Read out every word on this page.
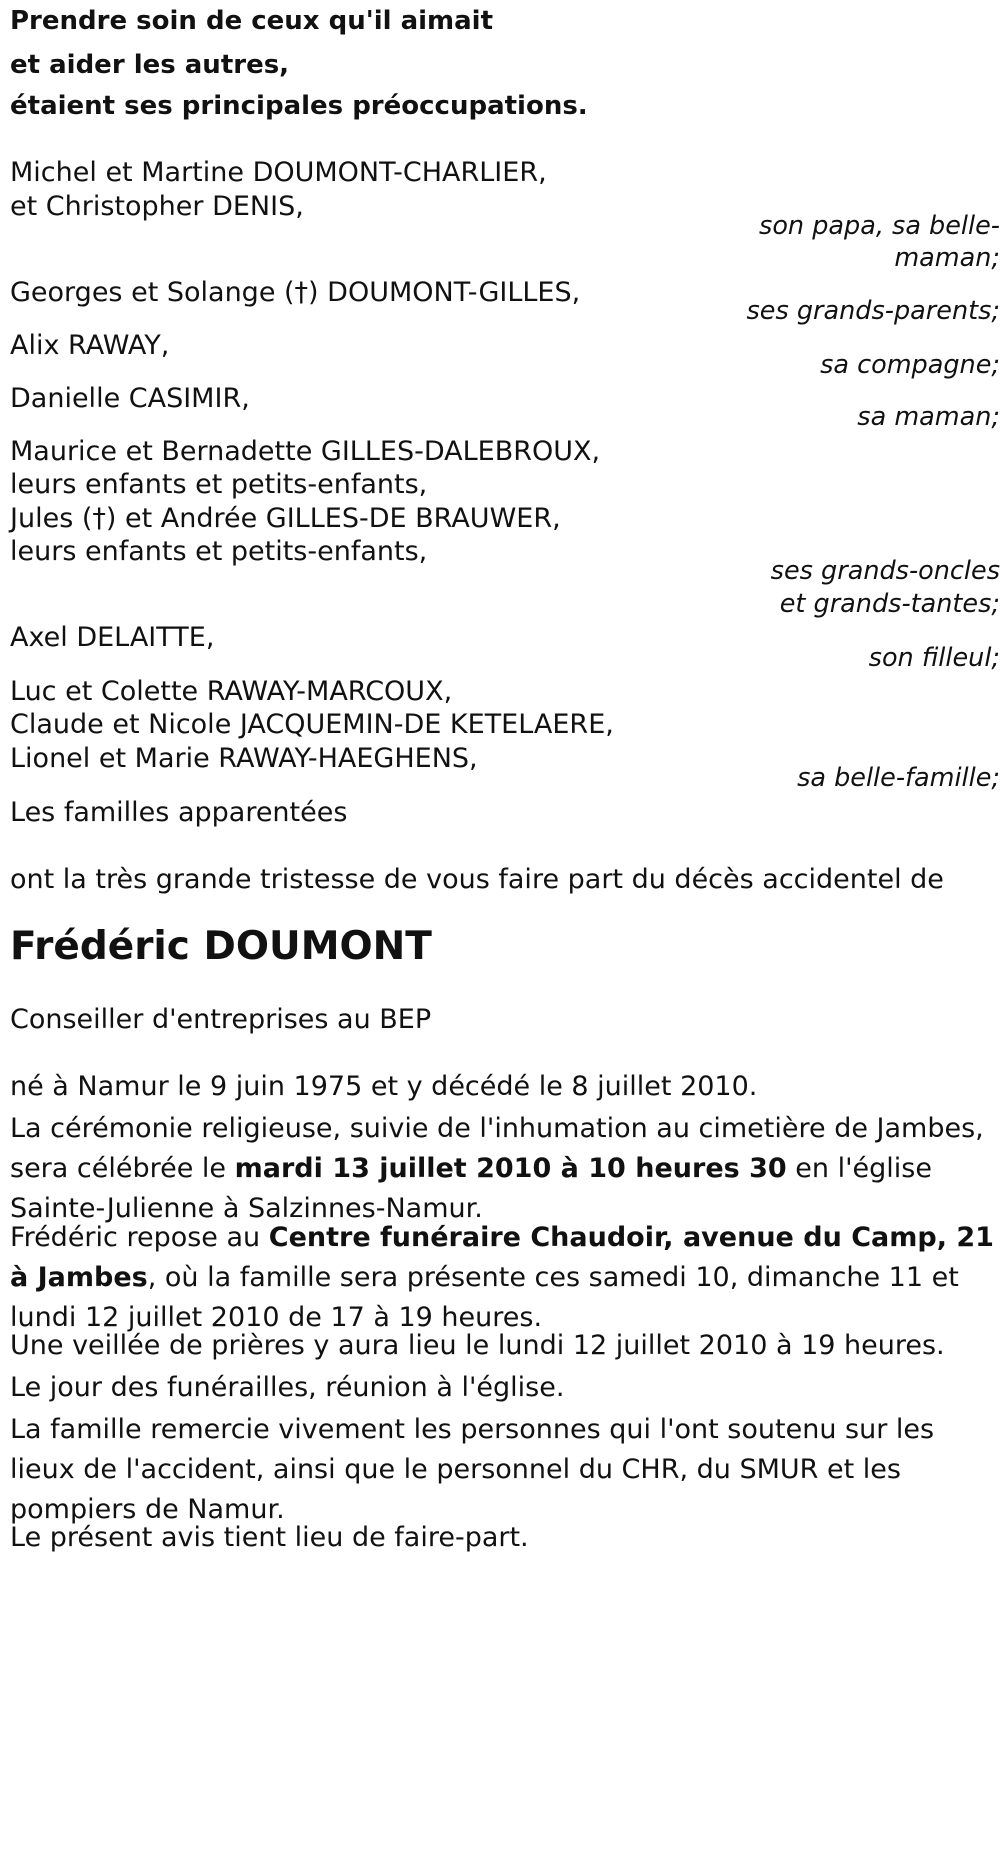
Prendre soin de ceux qu'il aimait
et aider les autres,
étaient ses principales préoccupations.
Michel et Martine DOUMONT-CHARLIER,
et Christopher DENIS,
son papa, sa belle-
maman;
Georges et Solange (†) DOUMONT-GILLES,
ses grands-parents;
Alix RAWAY,
sa compagne;
Danielle CASIMIR,
sa maman;
Maurice et Bernadette GILLES-DALEBROUX,
leurs enfants et petits-enfants,
Jules (†) et Andrée GILLES-DE BRAUWER,
leurs enfants et petits-enfants,
ses grands-oncles
et grands-tantes;
Axel DELAITTE,
son filleul;
Luc et Colette RAWAY-MARCOUX,
Claude et Nicole JACQUEMIN-DE KETELAERE,
Lionel et Marie RAWAY-HAEGHENS,
sa belle-famille;
Les familles apparentées
ont la très grande tristesse de vous faire part du décès accidentel de
Frédéric DOUMONT
Conseiller d'entreprises au BEP
né à Namur le 9 juin 1975 et y décédé le 8 juillet 2010.
La cérémonie religieuse, suivie de l'inhumation au cimetière de Jambes, sera célébrée le mardi 13 juillet 2010 à 10 heures 30 en l'église Sainte-Julienne à Salzinnes-Namur.
Frédéric repose au Centre funéraire Chaudoir, avenue du Camp, 21 à Jambes, où la famille sera présente ces samedi 10, dimanche 11 et lundi 12 juillet 2010 de 17 à 19 heures.
Une veillée de prières y aura lieu le lundi 12 juillet 2010 à 19 heures.
Le jour des funérailles, réunion à l'église.
La famille remercie vivement les personnes qui l'ont soutenu sur les lieux de l'accident, ainsi que le personnel du CHR, du SMUR et les pompiers de Namur.
Le présent avis tient lieu de faire-part.
